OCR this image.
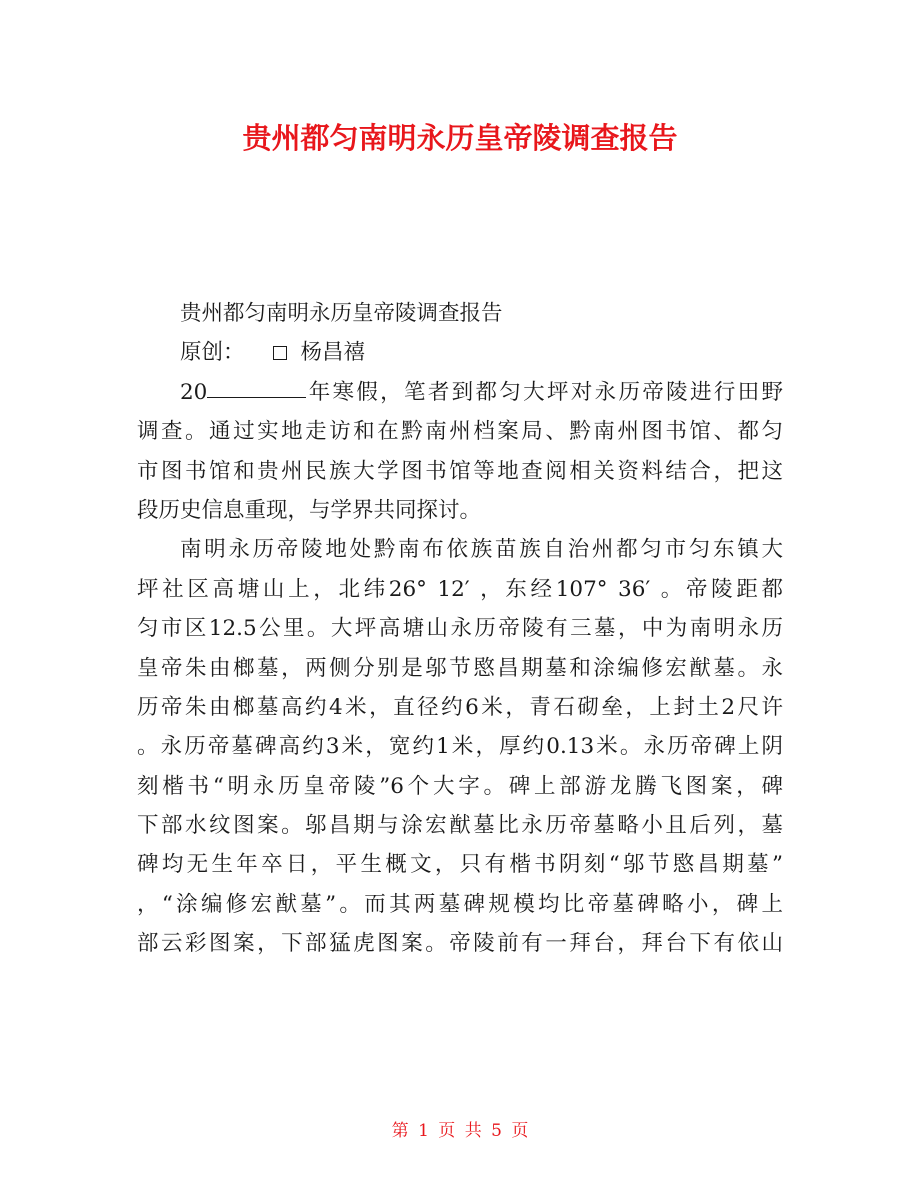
贵州都匀南明永历皇帝陵调查报告
贵州都匀南明永历皇帝陵调查报告
原创：	杨昌禧
20	年寒假，笔者到都匀大坪对永历帝陵进行田野
调查。通过实地走访和在黔南州档案局、黔南州图书馆、都匀
市图书馆和贵州民族大学图书馆等地查阅相关资料结合，把这
段历史信息重现，与学界共同探讨。
南明永历帝陵地处黔南布依族苗族自治州都匀市匀东镇大
坪社区高塘山上，北纬26° 12′ ，东经107° 36′ 。帝陵距都
匀市区12.5公里。大坪高塘山永历帝陵有三墓，中为南明永历
皇帝朱由榔墓，两侧分别是邬节愍昌期墓和涂编修宏猷墓。永
历帝朱由榔墓高约4米，直径约6米，青石砌垒，上封土2尺许
。永历帝墓碑高约3米，宽约1米，厚约0.13米。永历帝碑上阴
刻楷书“明永历皇帝陵”6个大字。碑上部游龙腾飞图案，碑
下部水纹图案。邬昌期与涂宏猷墓比永历帝墓略小且后列，墓
碑均无生年卒日，平生概文，只有楷书阴刻“邬节愍昌期墓”
，“涂编修宏猷墓”。而其两墓碑规模均比帝墓碑略小，碑上
部云彩图案，下部猛虎图案。帝陵前有一拜台，拜台下有依山
第 1 页 共 5 页
